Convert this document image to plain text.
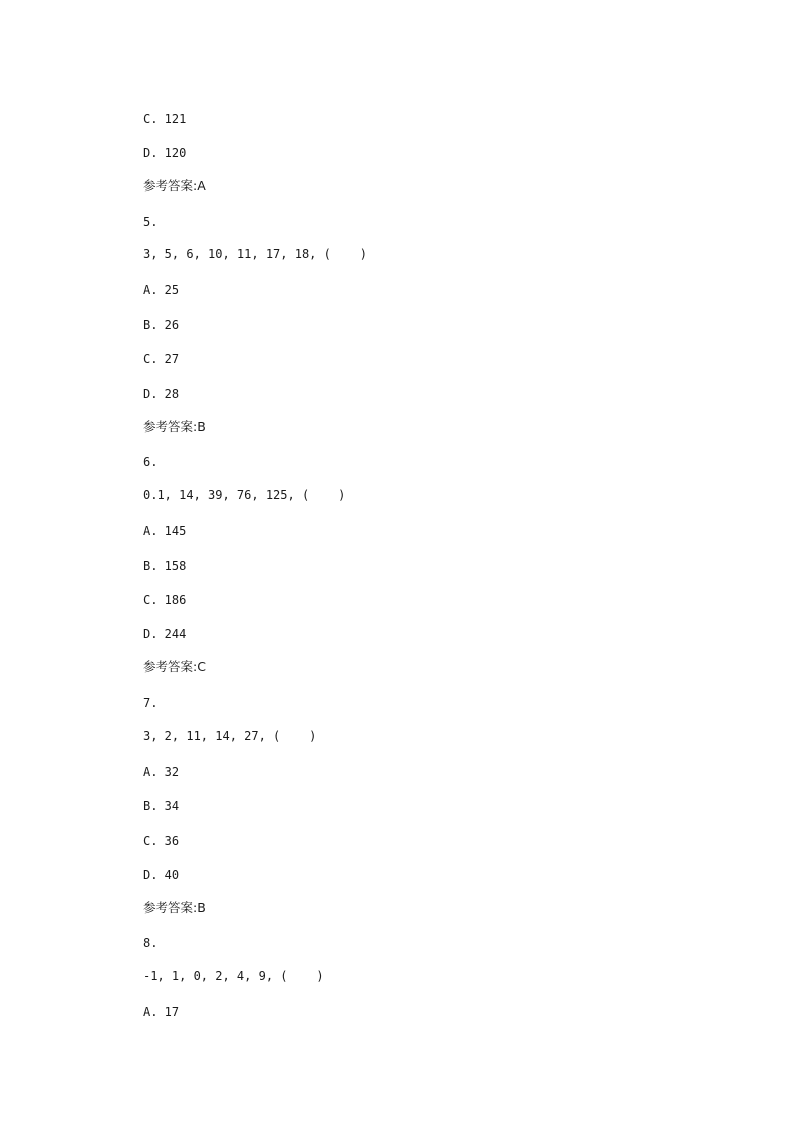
C. 121
D. 120
参考答案:A
5.
3, 5, 6, 10, 11, 17, 18, (    )
A. 25
B. 26
C. 27
D. 28
参考答案:B
6.
0.1, 14, 39, 76, 125, (    )
A. 145
B. 158
C. 186
D. 244
参考答案:C
7.
3, 2, 11, 14, 27, (    )
A. 32
B. 34
C. 36
D. 40
参考答案:B
8.
-1, 1, 0, 2, 4, 9, (    )
A. 17
